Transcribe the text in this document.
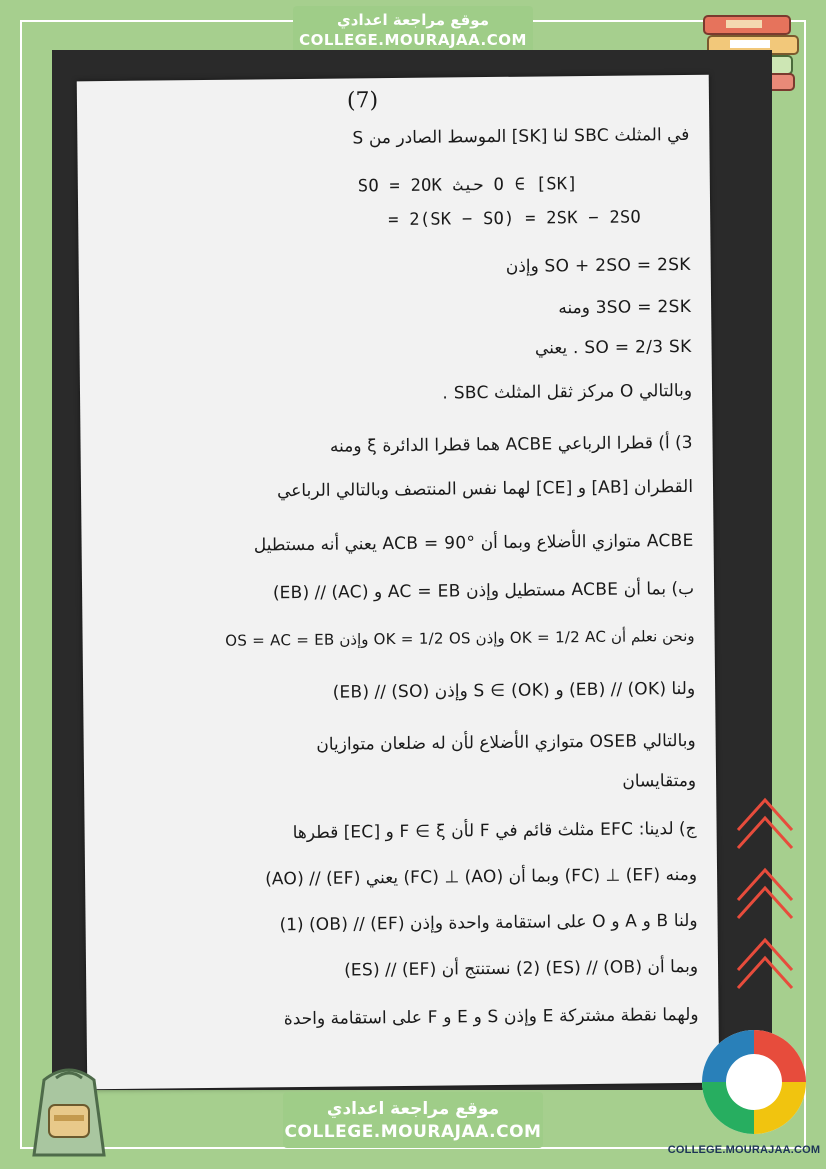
موقع مراجعة اعدادي
COLLEGE.MOURAJAA.COM
(7)
في المثلث SBC لنا [SK] الموسط الصادر من S
SO = 2OK حيث O ∈ [SK]
= 2(SK − SO) = 2SK − 2SO
SO + 2SO = 2SK وإذن
3SO = 2SK ومنه
SO = 2/3 SK . يعني
وبالتالي O مركز ثقل المثلث SBC .
3) أ) قطرا الرباعي ACBE هما قطرا الدائرة ξ ومنه
القطران [AB] و [CE] لهما نفس المنتصف وبالتالي الرباعي
ACBE متوازي الأضلاع وبما أن ACB = 90° يعني أنه مستطيل
ب) بما أن ACBE مستطيل وإذن AC = EB و (AC) // (EB)
ونحن نعلم أن OK = 1/2 AC وإذن OK = 1/2 OS وإذن OS = AC = EB
ولنا (OK) // (EB) و S ∈ (OK) وإذن (SO) // (EB)
وبالتالي OSEB متوازي الأضلاع لأن له ضلعان متوازيان
ومتقايسان
ج) لدينا: EFC مثلث قائم في F لأن F ∈ ξ و [EC] قطرها
ومنه (EF) ⊥ (FC) وبما أن (AO) ⊥ (FC) يعني (EF) // (AO)
ولنا B و A و O على استقامة واحدة وإذن (EF) // (OB) (1)
وبما أن (OB) // (ES) (2) نستنتج أن (EF) // (ES)
ولهما نقطة مشتركة E وإذن S و E و F على استقامة واحدة
موقع مراجعة اعدادي
COLLEGE.MOURAJAA.COM
COLLEGE.MOURAJAA.COM
